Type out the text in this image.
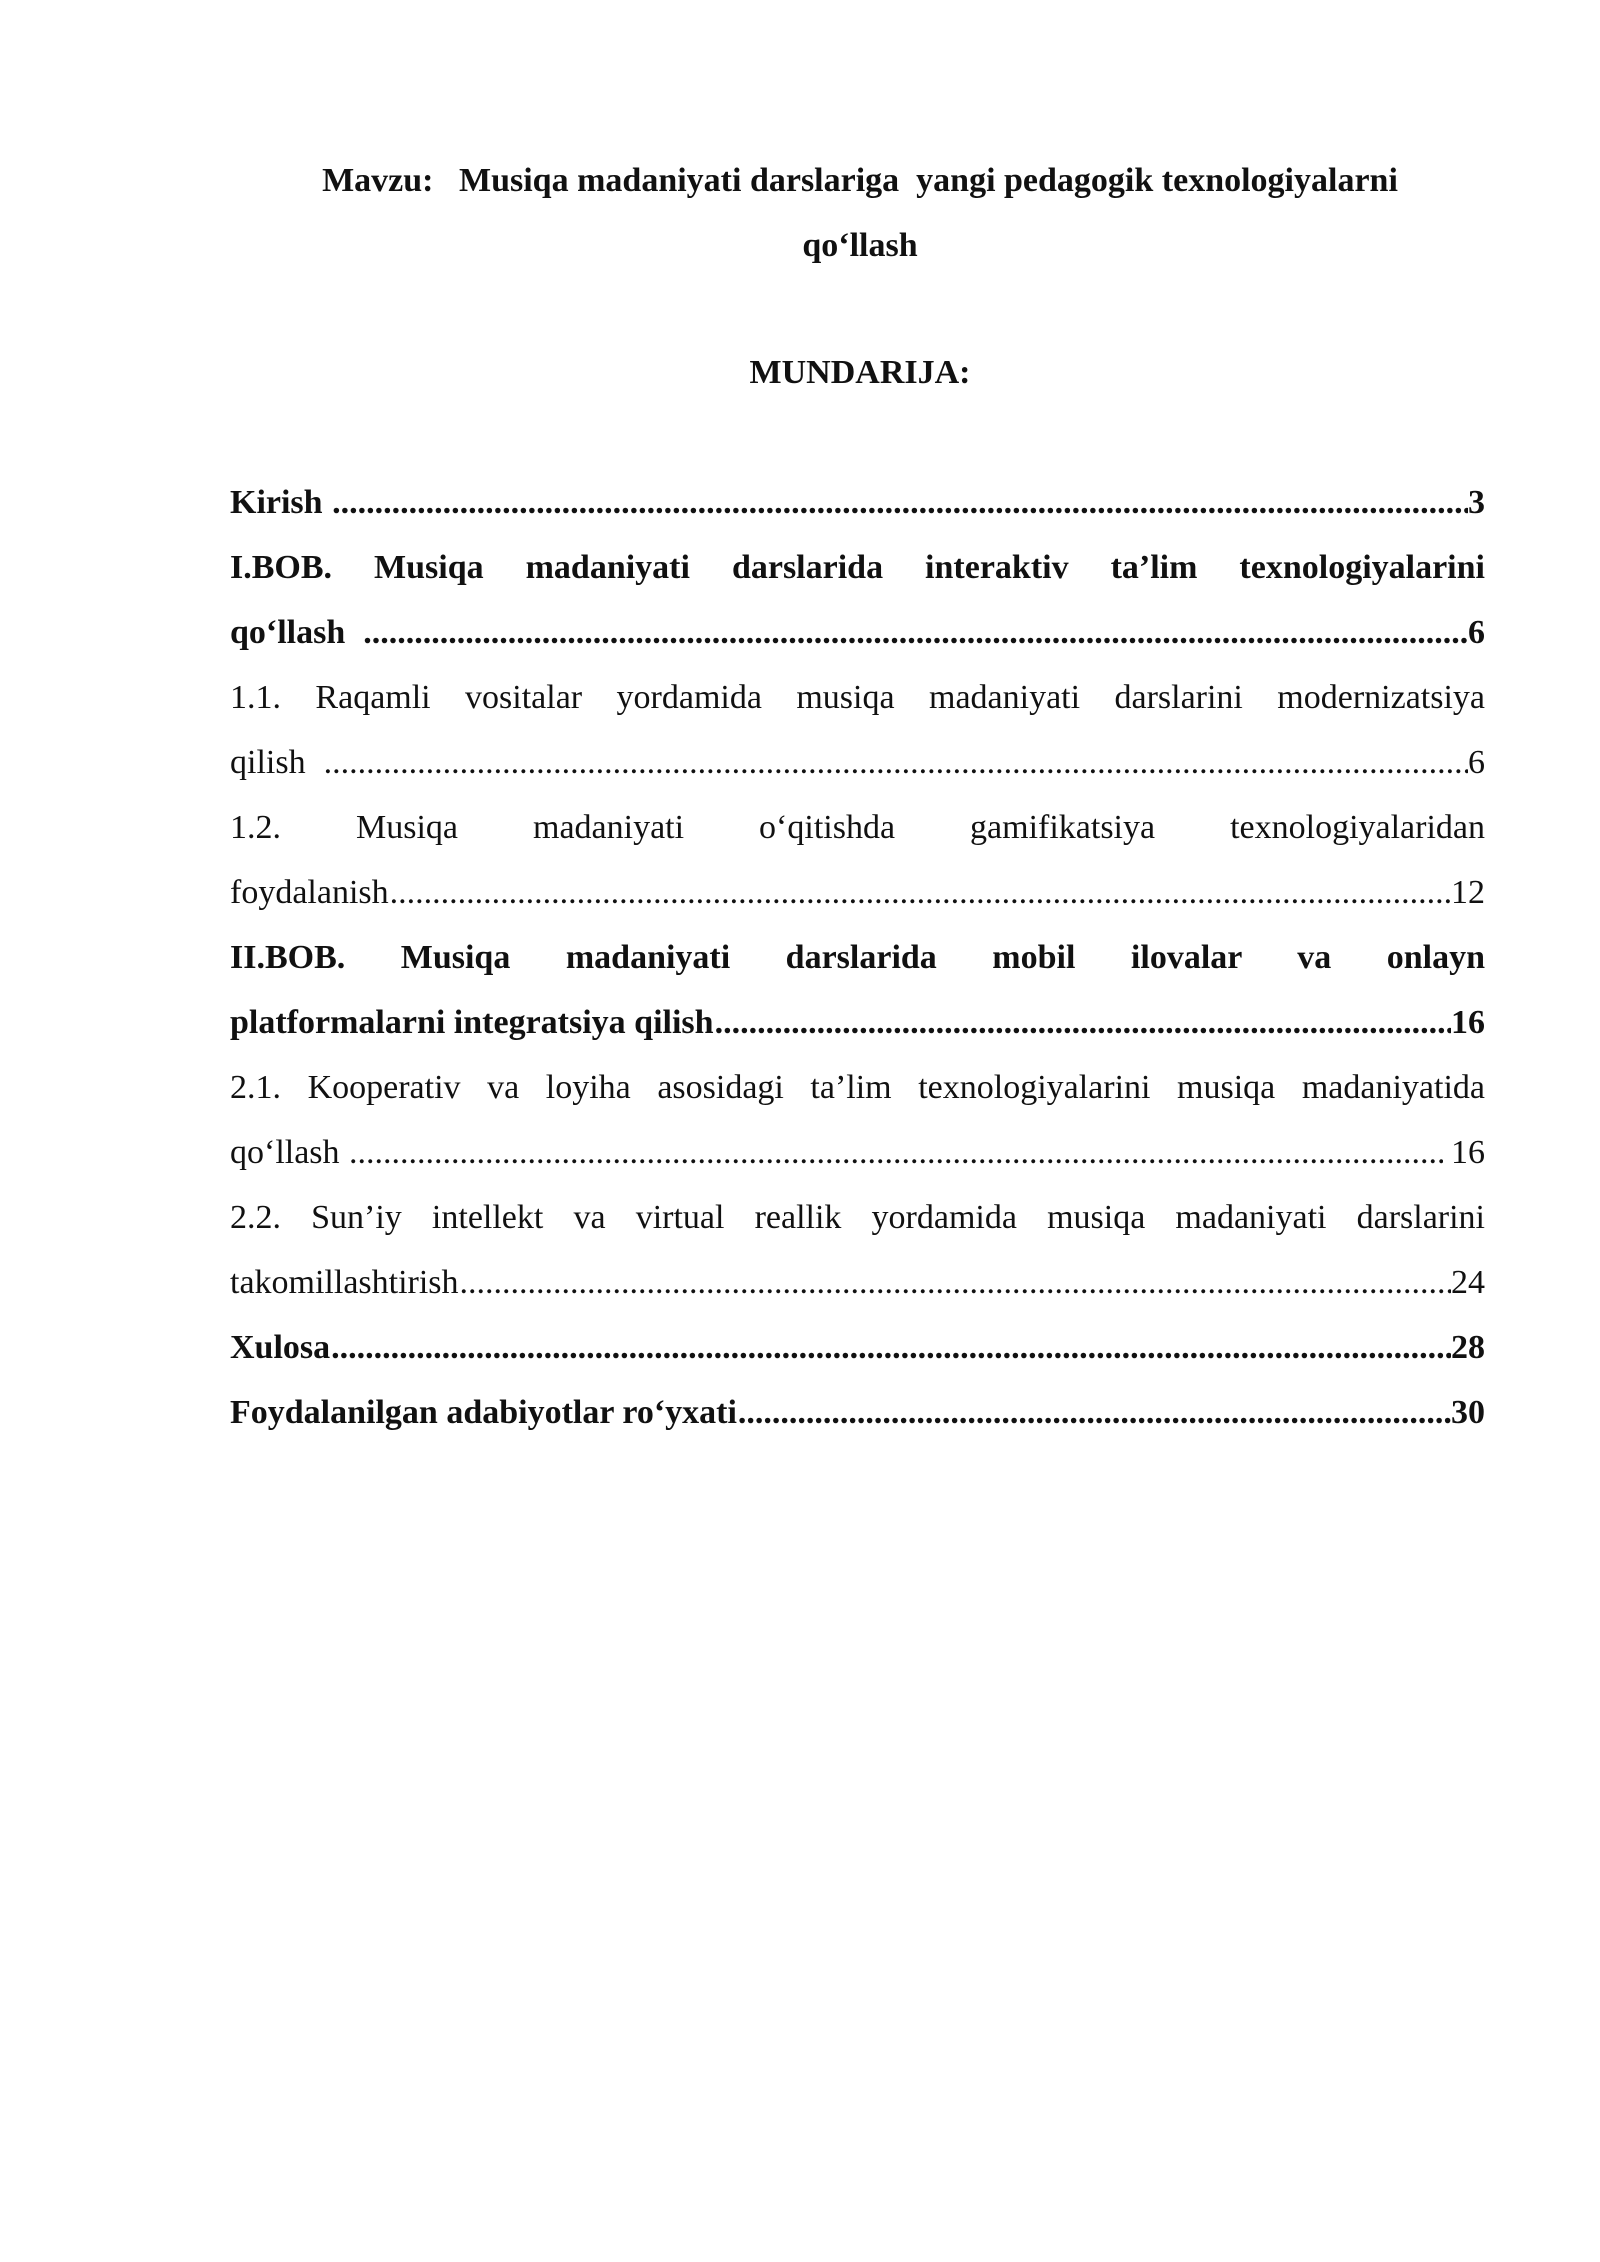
Mavzu:   Musiqa madaniyati darslariga  yangi pedagogik texnologiyalarni
qo‘llash
MUNDARIJA:
Kirish .....	3
I.BOB. Musiqa madaniyati darslarida interaktiv ta’lim texnologiyalarini
qo‘llash .....	6
1.1. Raqamli vositalar yordamida musiqa madaniyati darslarini modernizatsiya
qilish .....	6
1.2. Musiqa madaniyati o‘qitishda gamifikatsiya texnologiyalaridan
foydalanish .....	12
II.BOB. Musiqa madaniyati darslarida mobil ilovalar va onlayn
platformalarni integratsiya qilish .....	16
2.1. Kooperativ va loyiha asosidagi ta’lim texnologiyalarini musiqa madaniyatida
qo‘llash .....	16
2.2. Sun’iy intellekt va virtual reallik yordamida musiqa madaniyati darslarini
takomillashtirish .....	24
Xulosa .....	28
Foydalanilgan adabiyotlar ro‘yxati .....	30
